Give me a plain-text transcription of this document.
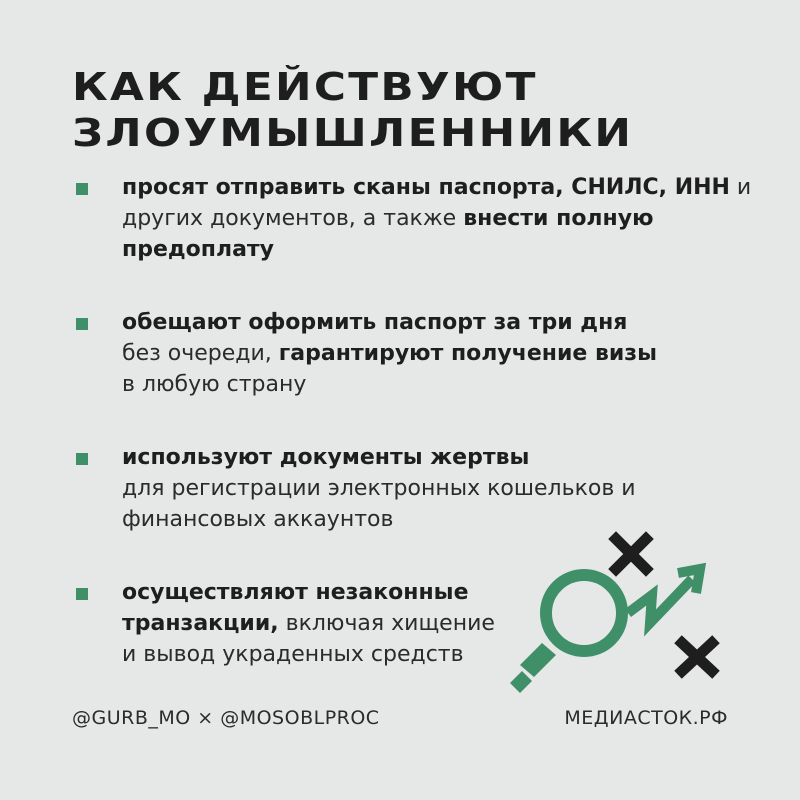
КАК ДЕЙСТВУЮТ
ЗЛОУМЫШЛЕННИКИ
просят отправить сканы паспорта, СНИЛС, ИНН и других документов, а также внести полную предоплату
обещают оформить паспорт за три дня
без очереди, гарантируют получение визы
в любую страну
используют документы жертвы
для регистрации электронных кошельков и финансовых аккаунтов
осуществляют незаконные транзакции, включая хищение и вывод украденных средств
@GURB_MO × @MOSOBLPROC	МЕДИАСТОК.РФ
